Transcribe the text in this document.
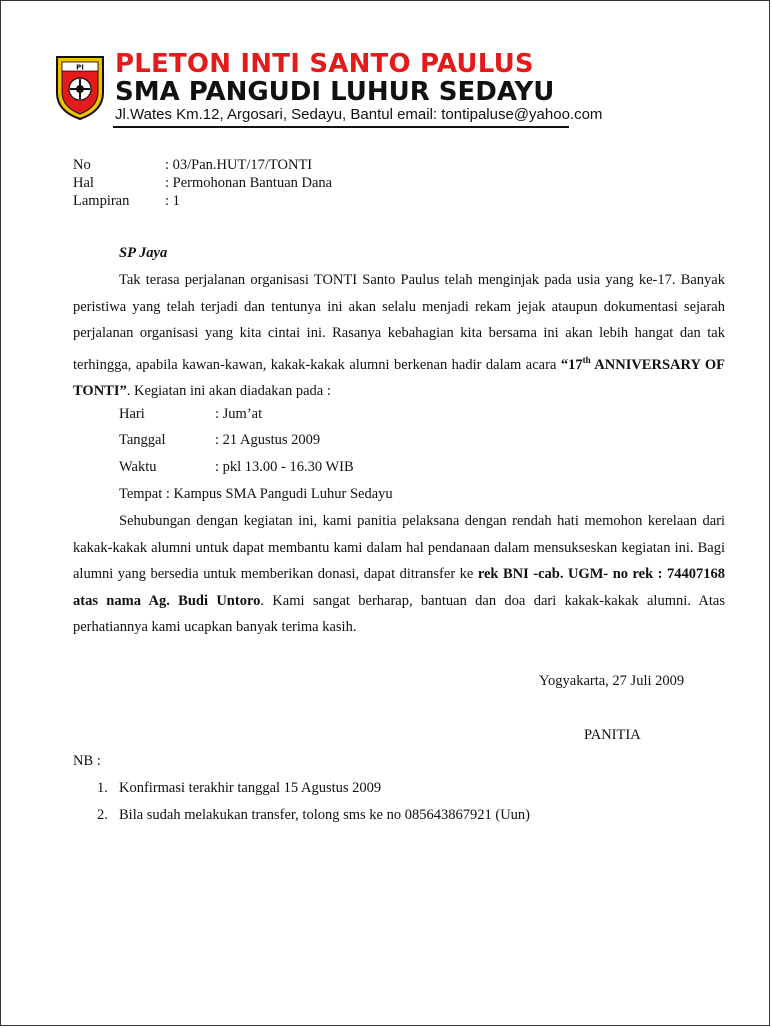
PI PLETON INTI SANTO PAULUS
SMA PANGUDI LUHUR SEDAYU
Jl.Wates Km.12, Argosari, Sedayu, Bantul email: tontipaluse@yahoo.com
No	: 03/Pan.HUT/17/TONTI
Hal	: Permohonan Bantuan Dana
Lampiran : 1
SP Jaya

Tak terasa perjalanan organisasi TONTI Santo Paulus telah menginjak pada usia yang ke-17. Banyak peristiwa yang telah terjadi dan tentunya ini akan selalu menjadi rekam jejak ataupun dokumentasi sejarah perjalanan organisasi yang kita cintai ini. Rasanya kebahagian kita bersama ini akan lebih hangat dan tak terhingga, apabila kawan-kawan, kakak-kakak alumni berkenan hadir dalam acara “17th ANNIVERSARY OF TONTI”. Kegiatan ini akan diadakan pada :

Hari	: Jum’at
Tanggal	: 21 Agustus 2009
Waktu	: pkl 13.00 - 16.30 WIB
Tempat : Kampus SMA Pangudi Luhur Sedayu

Sehubungan dengan kegiatan ini, kami panitia pelaksana dengan rendah hati memohon kerelaan dari kakak-kakak alumni untuk dapat membantu kami dalam hal pendanaan dalam mensukseskan kegiatan ini. Bagi alumni yang bersedia untuk memberikan donasi, dapat ditransfer ke rek BNI -cab. UGM- no rek : 74407168 atas nama Ag. Budi Untoro. Kami sangat berharap, bantuan dan doa dari kakak-kakak alumni. Atas perhatiannya kami ucapkan banyak terima kasih.

Yogyakarta, 27 Juli 2009
PANITIA
NB :
1. Konfirmasi terakhir tanggal 15 Agustus 2009
2. Bila sudah melakukan transfer, tolong sms ke no 085643867921 (Uun)
